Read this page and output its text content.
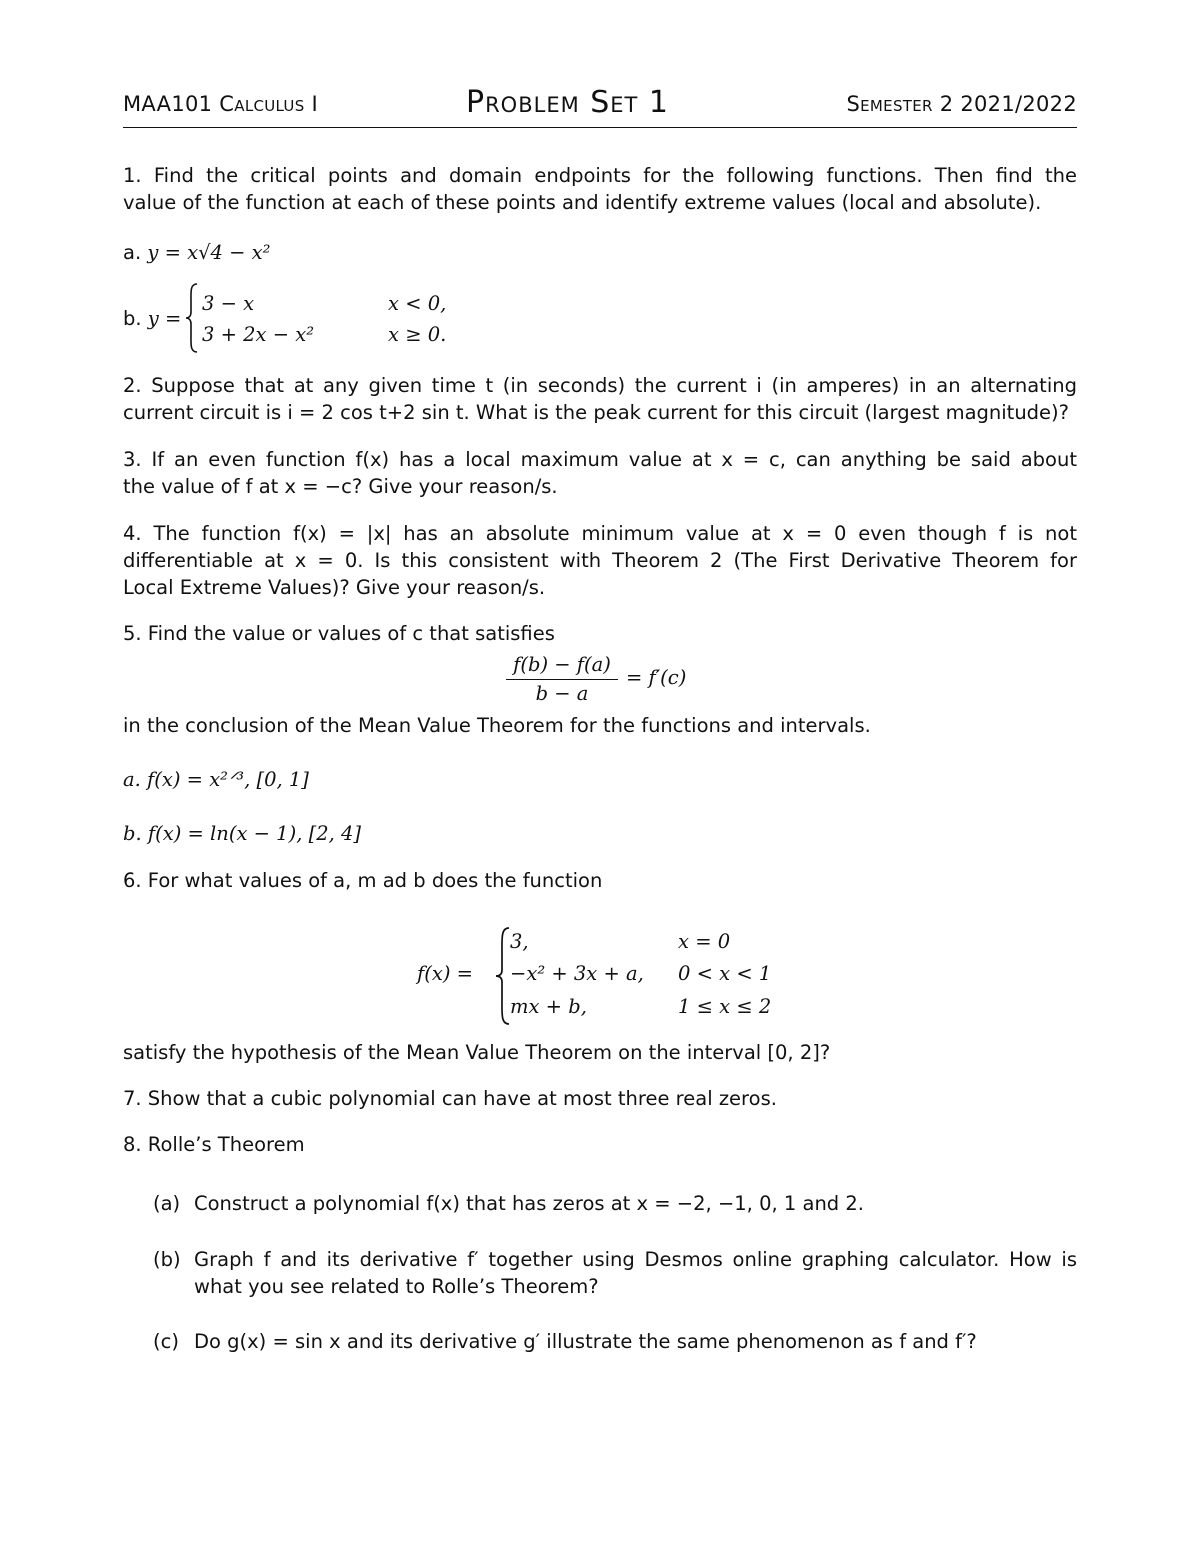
MAA101 Calculus I	Problem Set 1	Semester 2 2021/2022
1. Find the critical points and domain endpoints for the following functions. Then find the
value of the function at each of these points and identify extreme values (local and absolute).
a. y = x√4 − x²
b. y =
3 − x	x < 0,
3 + 2x − x²	x ≥ 0.
2. Suppose that at any given time t (in seconds) the current i (in amperes) in an alternating
current circuit is i = 2 cos t+2 sin t. What is the peak current for this circuit (largest magnitude)?
3. If an even function f(x) has a local maximum value at x = c, can anything be said about
the value of f at x = −c? Give your reason/s.
4. The function f(x) = |x| has an absolute minimum value at x = 0 even though f is not
differentiable at x = 0. Is this consistent with Theorem 2 (The First Derivative Theorem for
Local Extreme Values)? Give your reason/s.
5. Find the value or values of c that satisfies
f(b) − f(a)
b − a
= f′(c)
in the conclusion of the Mean Value Theorem for the functions and intervals.
a. f(x) = x²ᐟ³, [0, 1]
b. f(x) = ln(x − 1), [2, 4]
6. For what values of a, m ad b does the function
f(x) =
3,	x = 0
−x² + 3x + a, 0 < x < 1
mx + b,	1 ≤ x ≤ 2
satisfy the hypothesis of the Mean Value Theorem on the interval [0, 2]?
7. Show that a cubic polynomial can have at most three real zeros.
8. Rolle’s Theorem
(a) Construct a polynomial f(x) that has zeros at x = −2, −1, 0, 1 and 2.
(b) Graph f and its derivative f′ together using Desmos online graphing calculator. How is
what you see related to Rolle’s Theorem?
(c) Do g(x) = sin x and its derivative g′ illustrate the same phenomenon as f and f′?
